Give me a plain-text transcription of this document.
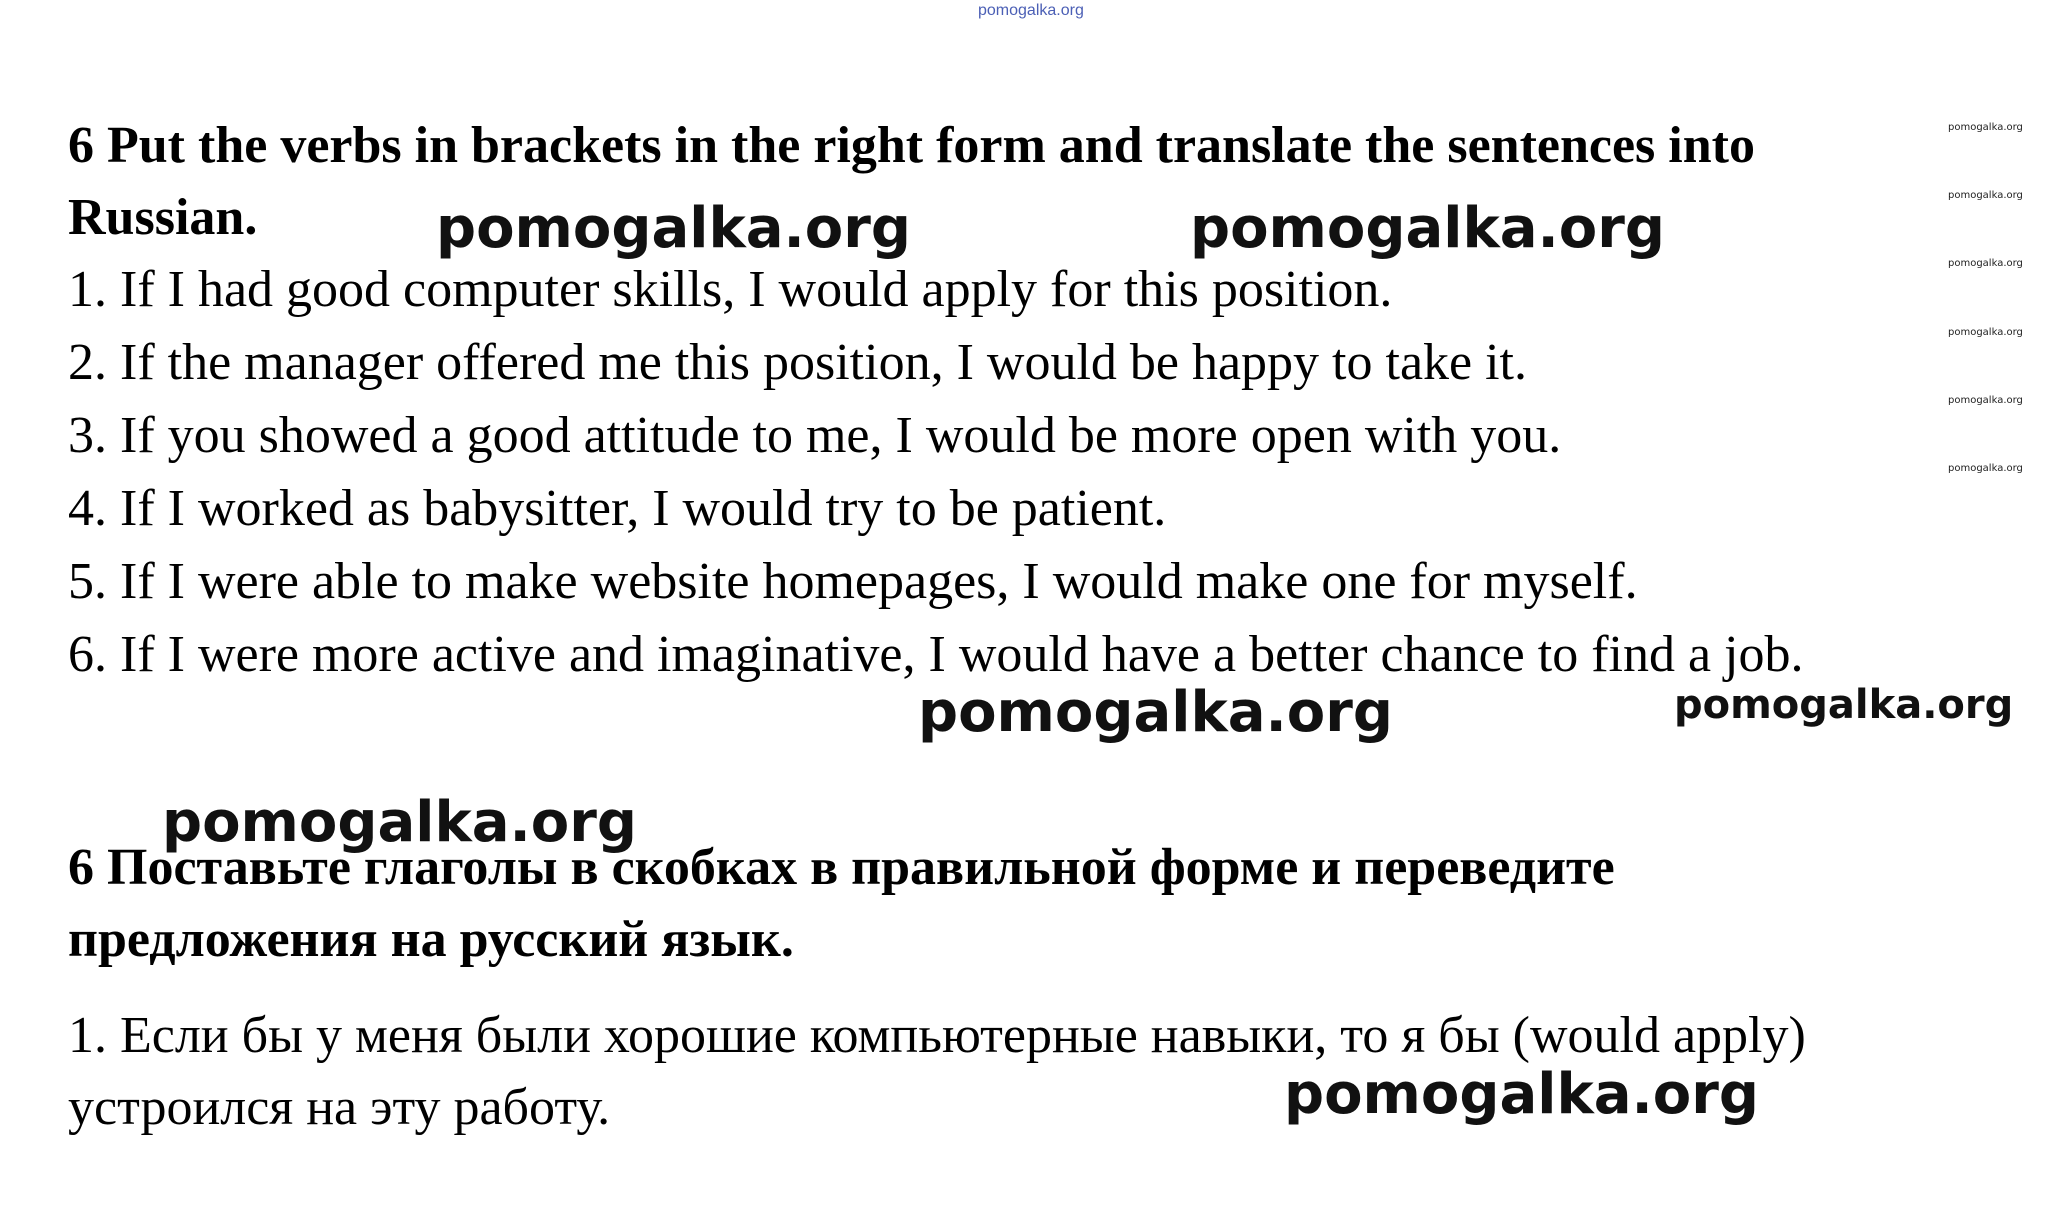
pomogalka.org

6 Put the verbs in brackets in the right form and translate the sentences into
Russian.

1. If I had good computer skills, I would apply for this position.

2. If the manager offered me this position, I would be happy to take it.

3. If you showed a good attitude to me, I would be more open with you.

4. If I worked as babysitter, I would try to be patient.

5. If I were able to make website homepages, I would make one for myself.

6. If I were more active and imaginative, I would have a better chance to find a job.

6 Поставьте глаголы в скобках в правильной форме и переведите
предложения на русский язык.

1. Если бы у меня были хорошие компьютерные навыки, то я бы (would apply) устроился на эту работу.

pomogalka.org	pomogalka.org
pomogalka.org	pomogalka.org
pomogalka.org
pomogalka.org
pomogalka.org
pomogalka.org
pomogalka.org
pomogalka.org
pomogalka.org
pomogalka.org
